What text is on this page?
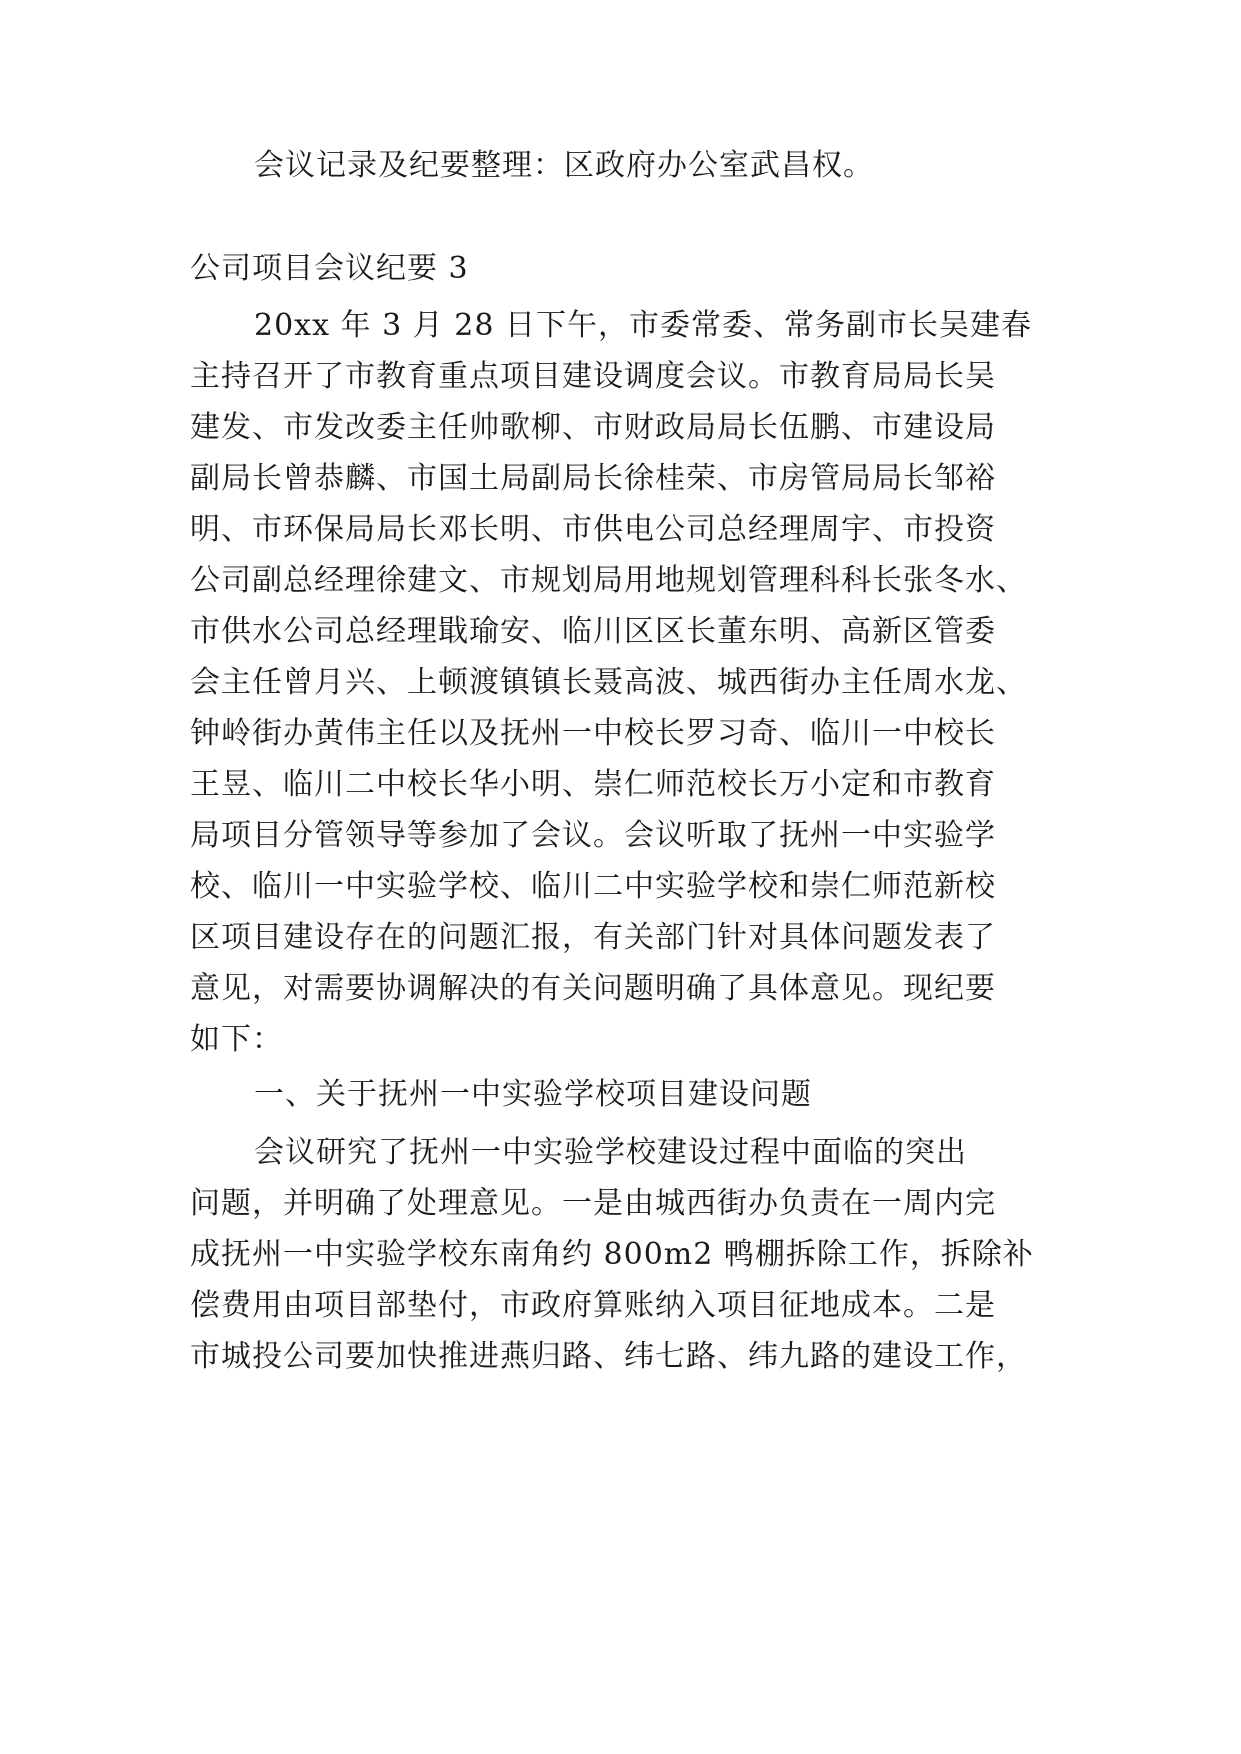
会议记录及纪要整理：区政府办公室武昌权。
公司项目会议纪要 3
20xx 年 3 月 28 日下午，市委常委、常务副市长吴建春
主持召开了市教育重点项目建设调度会议。市教育局局长吴
建发、市发改委主任帅歌柳、市财政局局长伍鹏、市建设局
副局长曾恭麟、市国土局副局长徐桂荣、市房管局局长邹裕
明、市环保局局长邓长明、市供电公司总经理周宇、市投资
公司副总经理徐建文、市规划局用地规划管理科科长张冬水、
市供水公司总经理戢瑜安、临川区区长董东明、高新区管委
会主任曾月兴、上顿渡镇镇长聂高波、城西街办主任周水龙、
钟岭街办黄伟主任以及抚州一中校长罗习奇、临川一中校长
王昱、临川二中校长华小明、崇仁师范校长万小定和市教育
局项目分管领导等参加了会议。会议听取了抚州一中实验学
校、临川一中实验学校、临川二中实验学校和崇仁师范新校
区项目建设存在的问题汇报，有关部门针对具体问题发表了
意见，对需要协调解决的有关问题明确了具体意见。现纪要
如下：
一、关于抚州一中实验学校项目建设问题
会议研究了抚州一中实验学校建设过程中面临的突出
问题，并明确了处理意见。一是由城西街办负责在一周内完
成抚州一中实验学校东南角约 800m2 鸭棚拆除工作，拆除补
偿费用由项目部垫付，市政府算账纳入项目征地成本。二是
市城投公司要加快推进燕归路、纬七路、纬九路的建设工作，
